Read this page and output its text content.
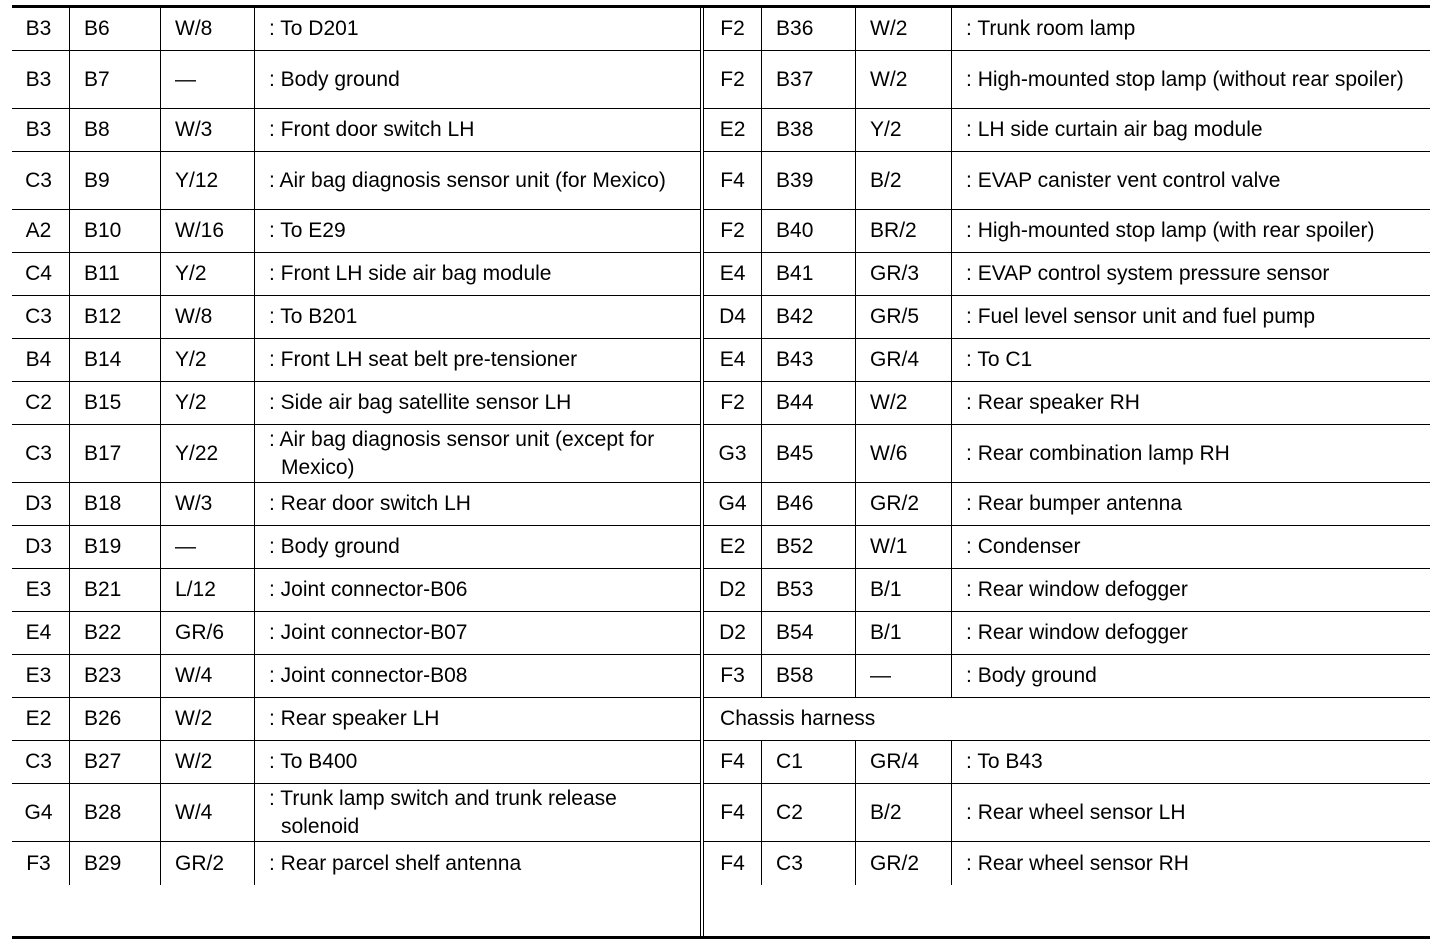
B3	B6	W/8	: To D201
B3	B7	—	: Body ground
B3	B8	W/3	: Front door switch LH
C3	B9	Y/12	: Air bag diagnosis sensor unit (for Mexico)
A2	B10	W/16	: To E29
C4	B11	Y/2	: Front LH side air bag module
C3	B12	W/8	: To B201
B4	B14	Y/2	: Front LH seat belt pre-tensioner
C2	B15	Y/2	: Side air bag satellite sensor LH
C3	B17	Y/22
: Air bag diagnosis sensor unit (except for Mexico)
D3	B18	W/3	: Rear door switch LH
D3	B19	—	: Body ground
E3	B21	L/12	: Joint connector-B06
E4	B22	GR/6	: Joint connector-B07
E3	B23	W/4	: Joint connector-B08
E2	B26	W/2	: Rear speaker LH
C3	B27	W/2	: To B400
G4	B28	W/4
: Trunk lamp switch and trunk release solenoid
F3	B29	GR/2	: Rear parcel shelf antenna
F2	B36	W/2	: Trunk room lamp
F2	B37	W/2	: High-mounted stop lamp (without rear spoiler)
E2	B38	Y/2	: LH side curtain air bag module
F4	B39	B/2	: EVAP canister vent control valve
F2	B40	BR/2	: High-mounted stop lamp (with rear spoiler)
E4	B41	GR/3	: EVAP control system pressure sensor
D4	B42	GR/5	: Fuel level sensor unit and fuel pump
E4	B43	GR/4	: To C1
F2	B44	W/2	: Rear speaker RH
G3	B45	W/6	: Rear combination lamp RH
G4	B46	GR/2	: Rear bumper antenna
E2	B52	W/1	: Condenser
D2	B53	B/1	: Rear window defogger
D2	B54	B/1	: Rear window defogger
F3	B58	—	: Body ground
Chassis harness
F4	C1	GR/4	: To B43
F4	C2	B/2	: Rear wheel sensor LH
F4	C3	GR/2	: Rear wheel sensor RH
